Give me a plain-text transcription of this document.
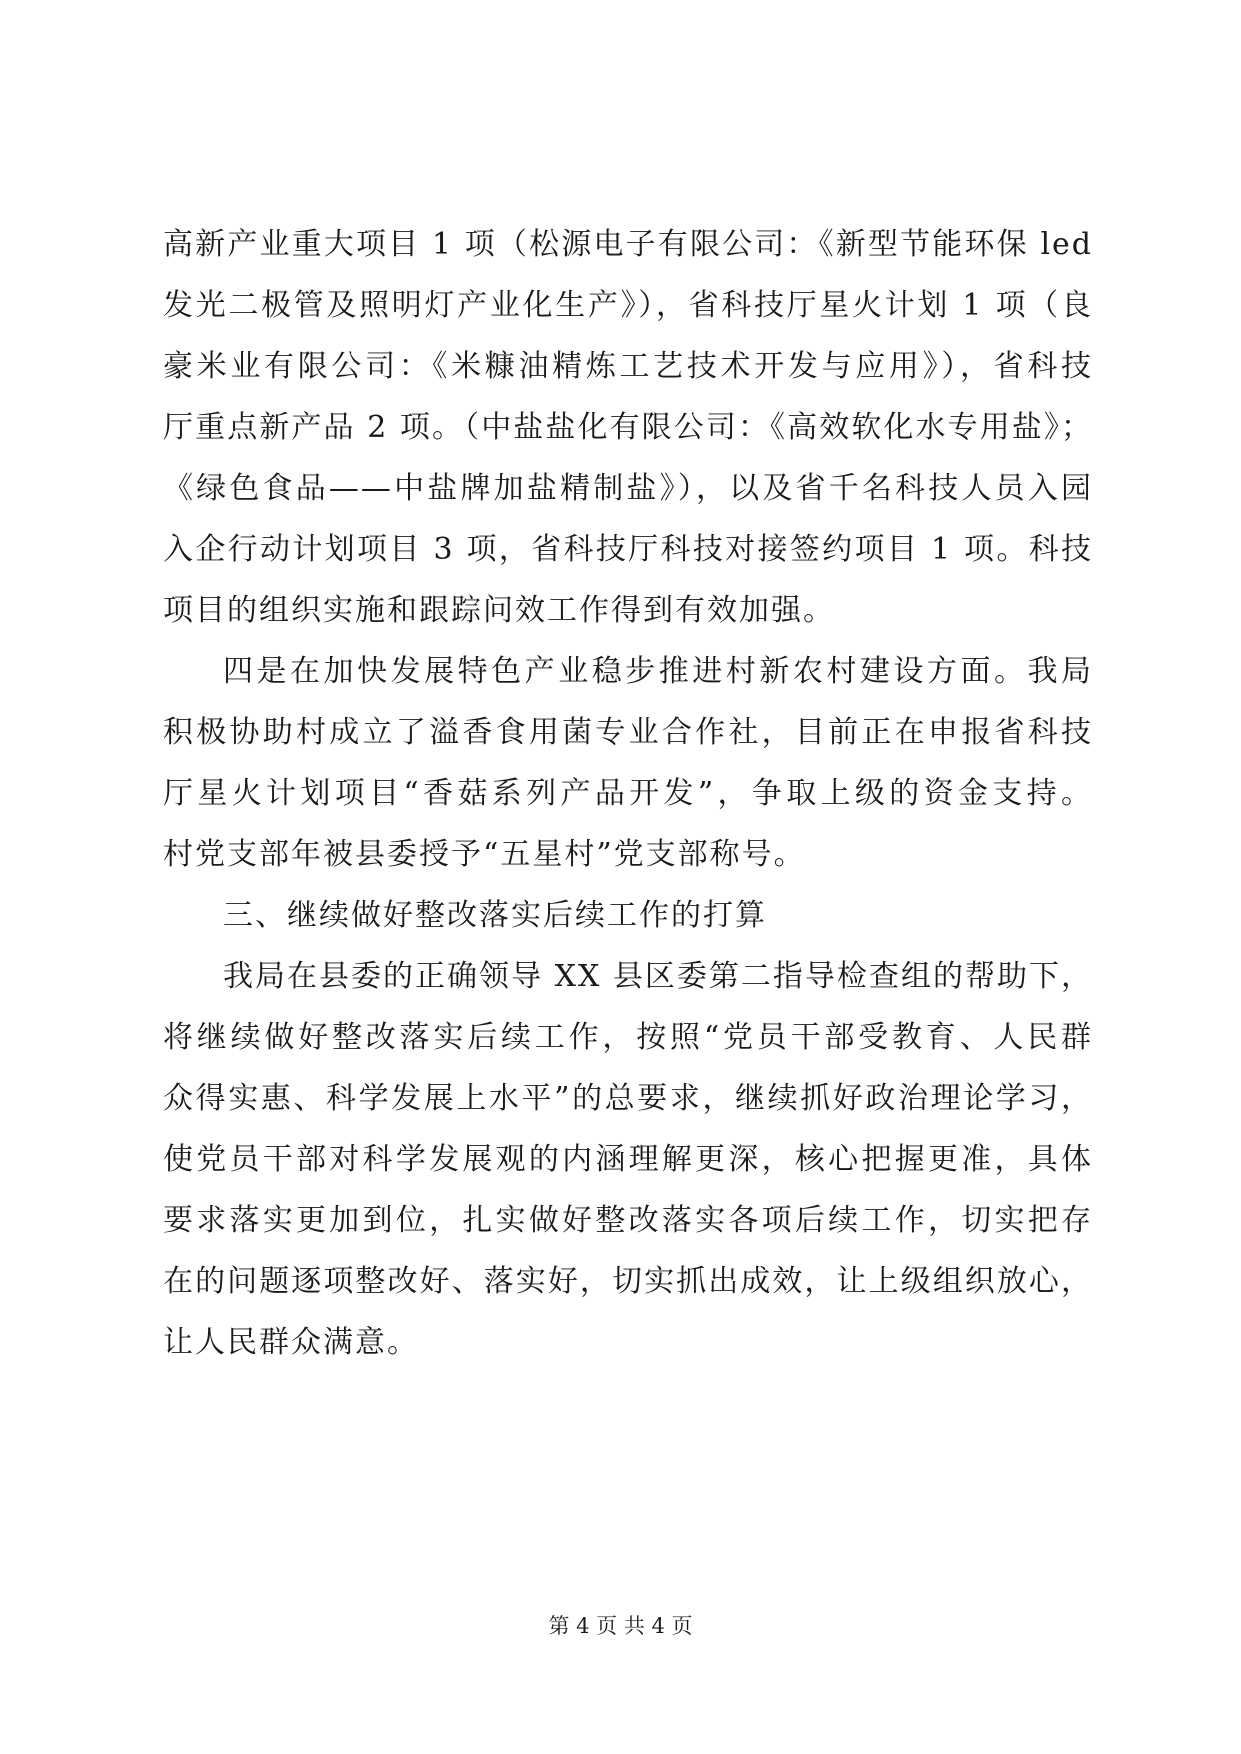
高新产业重大项目 1 项（松源电子有限公司：《新型节能环保 led
发光二极管及照明灯产业化生产》），省科技厅星火计划 1 项（良
豪米业有限公司：《米糠油精炼工艺技术开发与应用》），省科技
厅重点新产品 2 项。（中盐盐化有限公司：《高效软化水专用盐》；
《绿色食品——中盐牌加盐精制盐》），以及省千名科技人员入园
入企行动计划项目 3 项，省科技厅科技对接签约项目 1 项。科技
项目的组织实施和跟踪问效工作得到有效加强。
四是在加快发展特色产业稳步推进村新农村建设方面。我局
积极协助村成立了溢香食用菌专业合作社，目前正在申报省科技
厅星火计划项目“香菇系列产品开发”，争取上级的资金支持。
村党支部年被县委授予“五星村”党支部称号。
三、继续做好整改落实后续工作的打算
我局在县委的正确领导 XX 县区委第二指导检查组的帮助下，
将继续做好整改落实后续工作，按照“党员干部受教育、人民群
众得实惠、科学发展上水平”的总要求，继续抓好政治理论学习，
使党员干部对科学发展观的内涵理解更深，核心把握更准，具体
要求落实更加到位，扎实做好整改落实各项后续工作，切实把存
在的问题逐项整改好、落实好，切实抓出成效，让上级组织放心，
让人民群众满意。
第 4 页 共 4 页
